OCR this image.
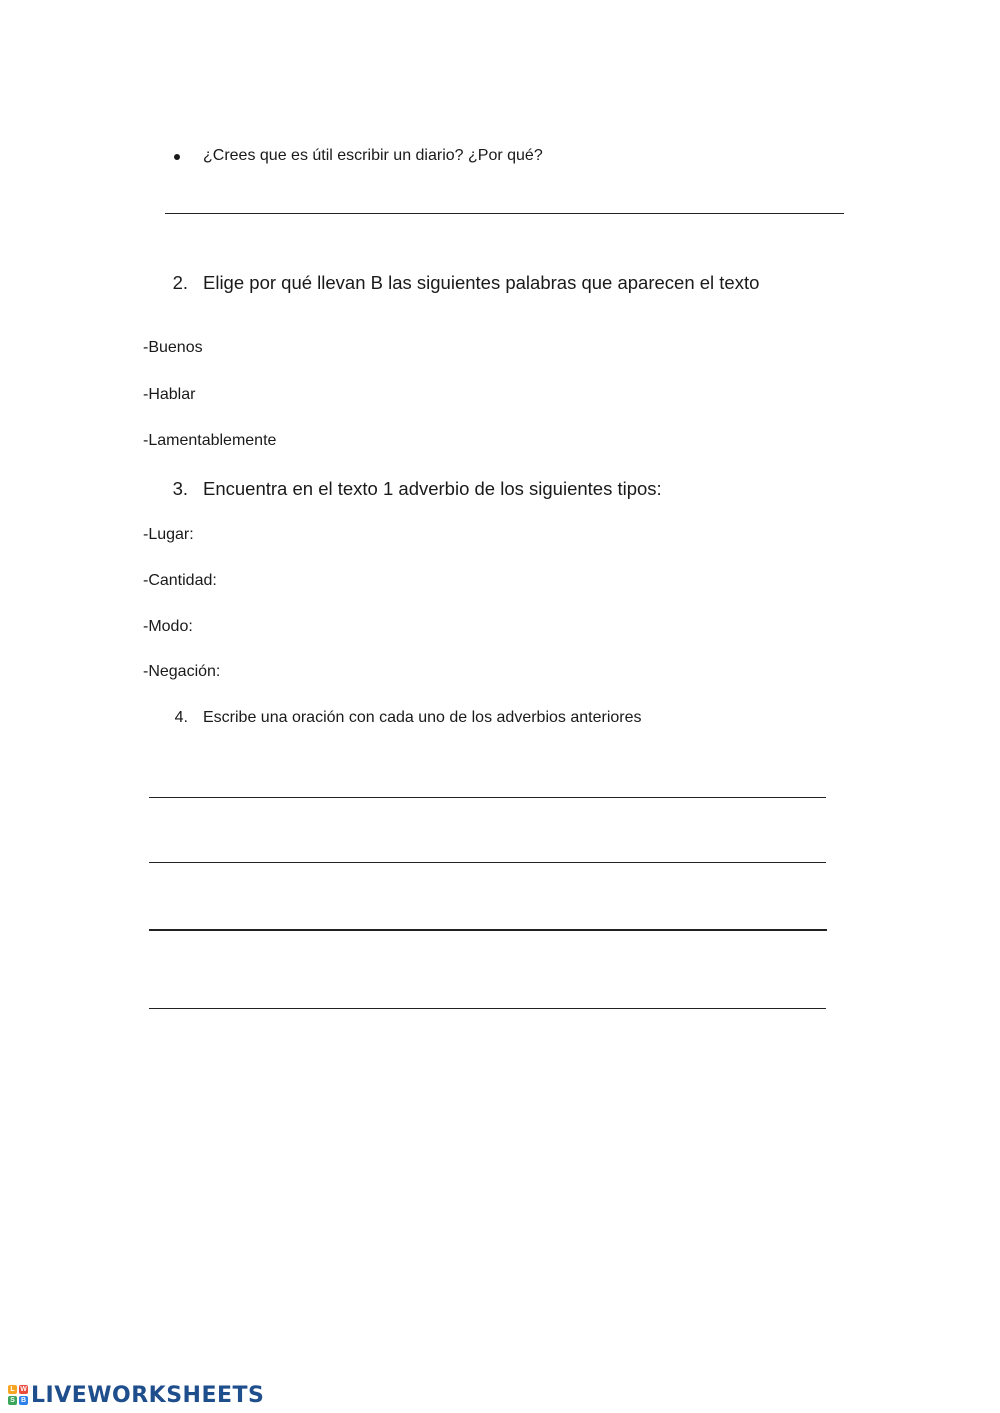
¿Crees que es útil escribir un diario? ¿Por qué?
2. Elige por qué llevan B las siguientes palabras que aparecen el texto
-Buenos
-Hablar
-Lamentablemente
3. Encuentra en el texto 1 adverbio de los siguientes tipos:
-Lugar:
-Cantidad:
-Modo:
-Negación:
4. Escribe una oración con cada uno de los adverbios anteriores
L W
S B LIVEWORKSHEETS
